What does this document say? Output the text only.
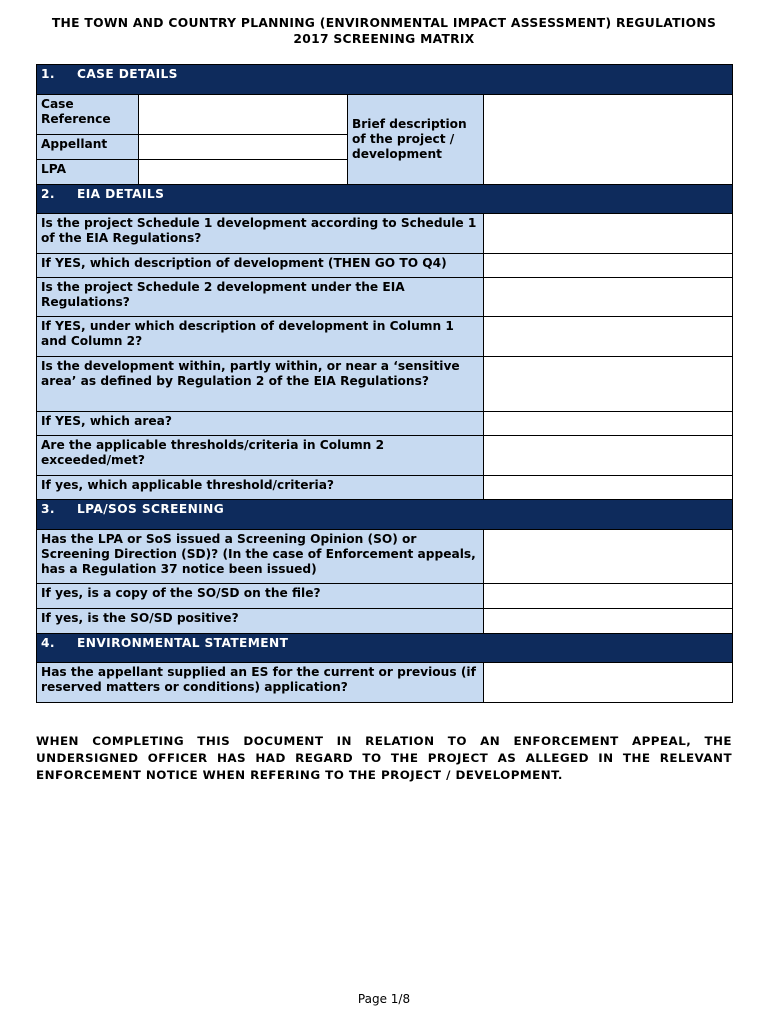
THE TOWN AND COUNTRY PLANNING (ENVIRONMENTAL IMPACT ASSESSMENT) REGULATIONS
2017 SCREENING MATRIX
1. CASE DETAILS			
Case Reference		Brief description of the project / development	
Appellant			
LPA			
2. EIA DETAILS			
Is the project Schedule 1 development according to Schedule 1 of the EIA Regulations?			
If YES, which description of development (THEN GO TO Q4)			
Is the project Schedule 2 development under the EIA Regulations?			
If YES, under which description of development in Column 1 and Column 2?			
Is the development within, partly within, or near a ‘sensitive area’ as defined by Regulation 2 of the EIA Regulations?			
If YES, which area?			
Are the applicable thresholds/criteria in Column 2 exceeded/met?			
If yes, which applicable threshold/criteria?			
3. LPA/SOS SCREENING			
Has the LPA or SoS issued a Screening Opinion (SO) or Screening Direction (SD)? (In the case of Enforcement appeals, has a Regulation 37 notice been issued)			
If yes, is a copy of the SO/SD on the file?			
If yes, is the SO/SD positive?			
4. ENVIRONMENTAL STATEMENT			
Has the appellant supplied an ES for the current or previous (if reserved matters or conditions) application?			
WHEN COMPLETING THIS DOCUMENT IN RELATION TO AN ENFORCEMENT APPEAL, THE UNDERSIGNED OFFICER HAS HAD REGARD TO THE PROJECT AS ALLEGED IN THE RELEVANT ENFORCEMENT NOTICE WHEN REFERING TO THE PROJECT / DEVELOPMENT.
Page 1/8
